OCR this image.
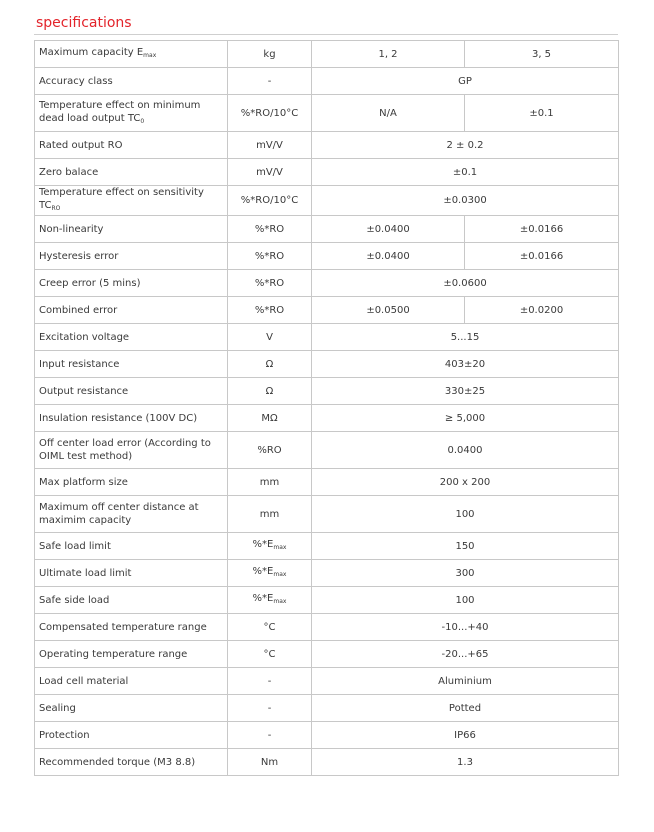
specifications
Maximum capacity $E_{max}$	kg	1, 2	3, 5
Accuracy class	-	GP	
Temperature effect on minimum dead load output $TC_0$	%*RO/10°C	N/A	±0.1
Rated output RO	mV/V	2 ± 0.2	
Zero balace	mV/V	±0.1	
Temperature effect on sensitivity $TC_{RO}$	%*RO/10°C	±0.0300	
Non-linearity	%*RO	±0.0400	±0.0166
Hysteresis error	%*RO	±0.0400	±0.0166
Creep error (5 mins)	%*RO	±0.0600	
Combined error	%*RO	±0.0500	±0.0200
Excitation voltage	V	5...15	
Input resistance	Ω	403±20	
Output resistance	Ω	330±25	
Insulation resistance (100V DC)	MΩ	≥ 5,000	
Off center load error (According to OIML test method)	%RO	0.0400	
Max platform size	mm	200 x 200	
Maximum off center distance at maximim capacity	mm	100	
Safe load limit	$\%*E_{max}$	150	
Ultimate load limit	$\%*E_{max}$	300	
Safe side load	$\%*E_{max}$	100	
Compensated temperature range	°C	-10...+40	
Operating temperature range	°C	-20...+65	
Load cell material	-	Aluminium	
Sealing	-	Potted	
Protection	-	IP66	
Recommended torque (M3 8.8)	Nm	1.3	
